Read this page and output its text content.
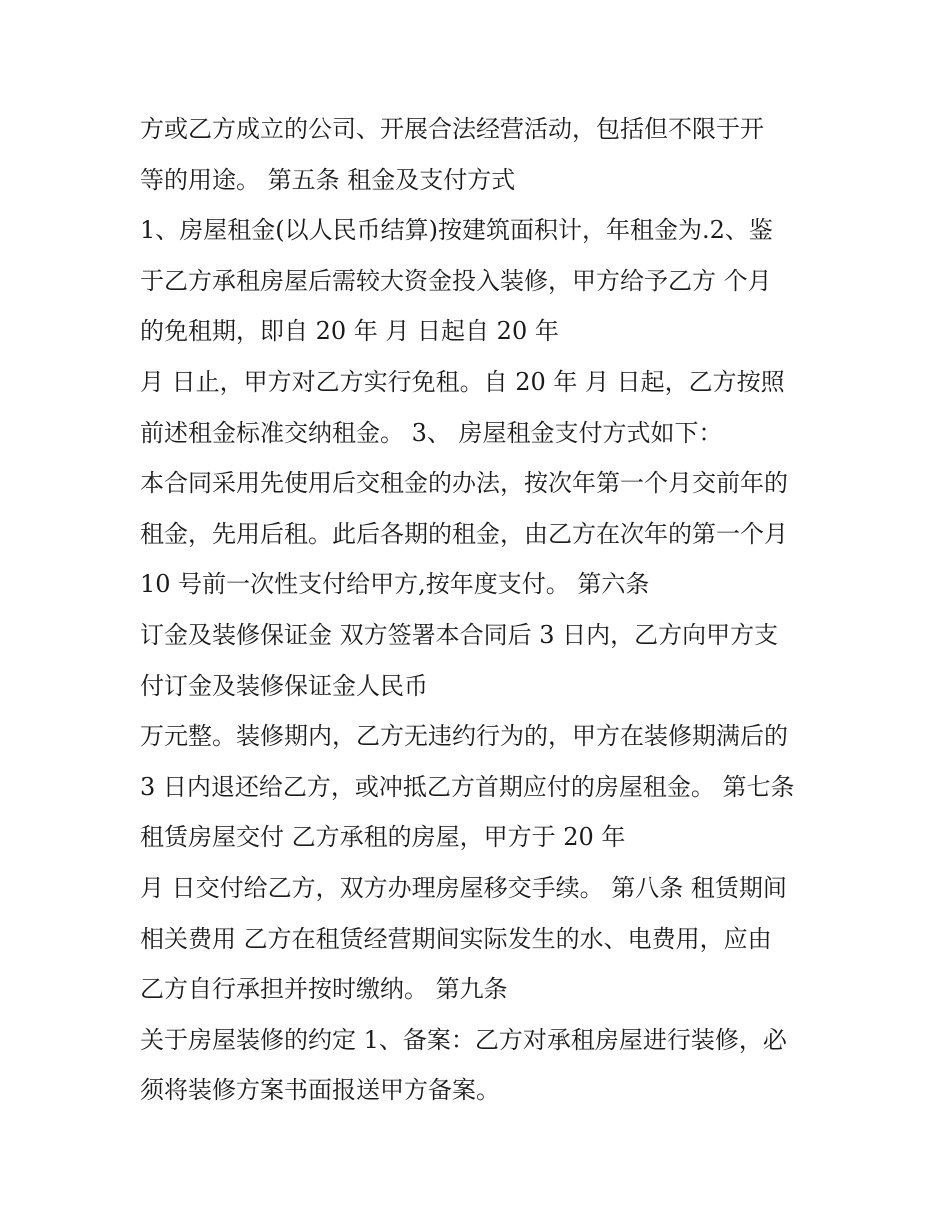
方或乙方成立的公司、开展合法经营活动，包括但不限于开
等的用途。 第五条 租金及支付方式
1、房屋租金(以人民币结算)按建筑面积计，年租金为.2、鉴
于乙方承租房屋后需较大资金投入装修，甲方给予乙方 个月
的免租期，即自 20 年 月 日起自 20 年
月 日止，甲方对乙方实行免租。自 20 年 月 日起，乙方按照
前述租金标准交纳租金。 3、 房屋租金支付方式如下：
本合同采用先使用后交租金的办法，按次年第一个月交前年的
租金，先用后租。此后各期的租金，由乙方在次年的第一个月
10 号前一次性支付给甲方,按年度支付。 第六条
订金及装修保证金 双方签署本合同后 3 日内，乙方向甲方支
付订金及装修保证金人民币
万元整。装修期内，乙方无违约行为的，甲方在装修期满后的
3 日内退还给乙方，或冲抵乙方首期应付的房屋租金。 第七条
租赁房屋交付 乙方承租的房屋，甲方于 20 年
月 日交付给乙方，双方办理房屋移交手续。 第八条 租赁期间
相关费用 乙方在租赁经营期间实际发生的水、电费用，应由
乙方自行承担并按时缴纳。 第九条
关于房屋装修的约定 1、备案：乙方对承租房屋进行装修，必
须将装修方案书面报送甲方备案。
